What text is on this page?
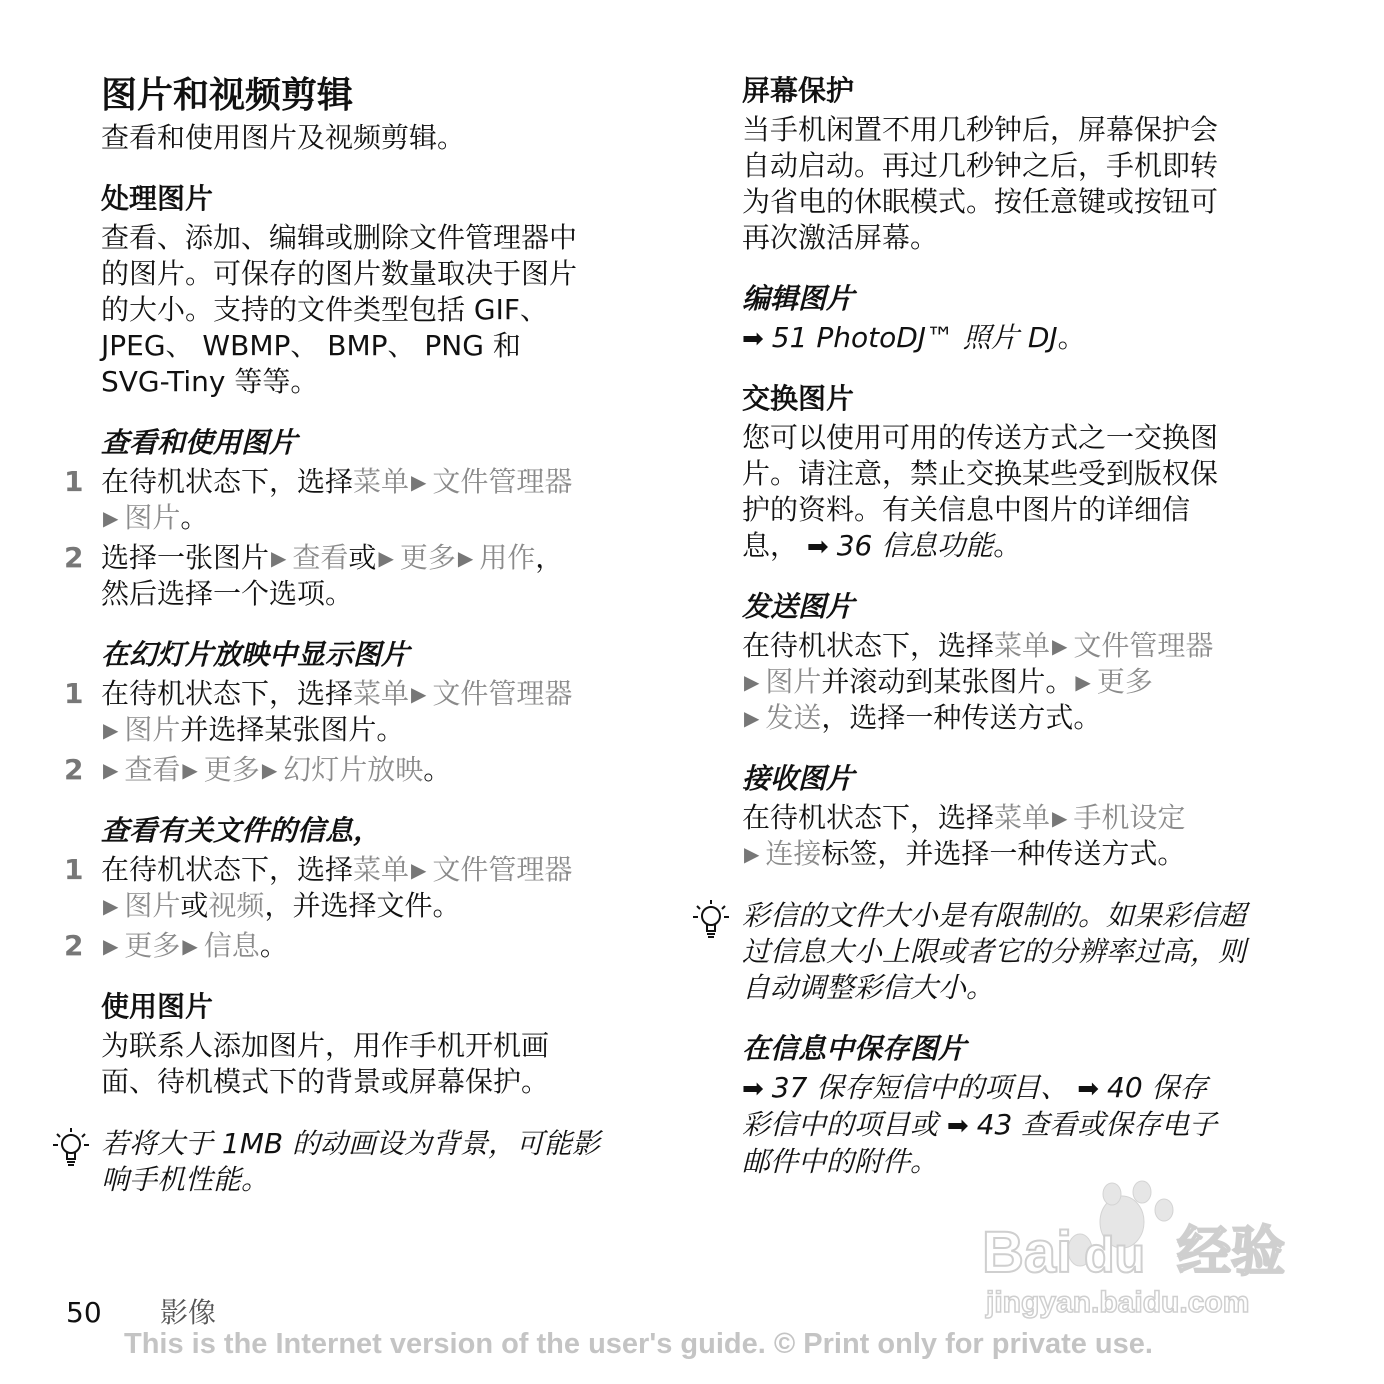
图片和视频剪辑
查看和使用图片及视频剪辑。
处理图片
查看、添加、编辑或删除文件管理器中
的图片。可保存的图片数量取决于图片
的大小。支持的文件类型包括 GIF、
JPEG、 WBMP、 BMP、 PNG 和
SVG-Tiny 等等。
查看和使用图片
1 在待机状态下，选择菜单 ▶ 文件管理器
▶ 图片。
2 选择一张图片 ▶ 查看或 ▶ 更多 ▶ 用作，
然后选择一个选项。
在幻灯片放映中显示图片
1 在待机状态下，选择菜单 ▶ 文件管理器
▶ 图片并选择某张图片。
2 ▶ 查看 ▶ 更多 ▶ 幻灯片放映。
查看有关文件的信息，
1 在待机状态下，选择菜单 ▶ 文件管理器
▶ 图片或视频，并选择文件。
2 ▶ 更多 ▶ 信息。
使用图片
为联系人添加图片，用作手机开机画
面、待机模式下的背景或屏幕保护。
若将大于 1MB 的动画设为背景，可能影
响手机性能。
屏幕保护
当手机闲置不用几秒钟后，屏幕保护会
自动启动。再过几秒钟之后，手机即转
为省电的休眠模式。按任意键或按钮可
再次激活屏幕。
编辑图片
➡ 51 PhotoDJ™ 照片 DJ。
交换图片
您可以使用可用的传送方式之一交换图
片。请注意，禁止交换某些受到版权保
护的资料。有关信息中图片的详细信
息， ➡ 36 信息功能。
发送图片
在待机状态下，选择菜单 ▶ 文件管理器
▶ 图片并滚动到某张图片。 ▶ 更多
▶ 发送，选择一种传送方式。
接收图片
在待机状态下，选择菜单 ▶ 手机设定
▶ 连接标签，并选择一种传送方式。
彩信的文件大小是有限制的。如果彩信超
过信息大小上限或者它的分辨率过高，则
自动调整彩信大小。
在信息中保存图片
➡ 37 保存短信中的项目、 ➡ 40 保存
彩信中的项目或 ➡ 43 查看或保存电子
邮件中的附件。
Bai du 经验
jingyan.baidu.com
50 影像
This is the Internet version of the user's guide. © Print only for private use.
